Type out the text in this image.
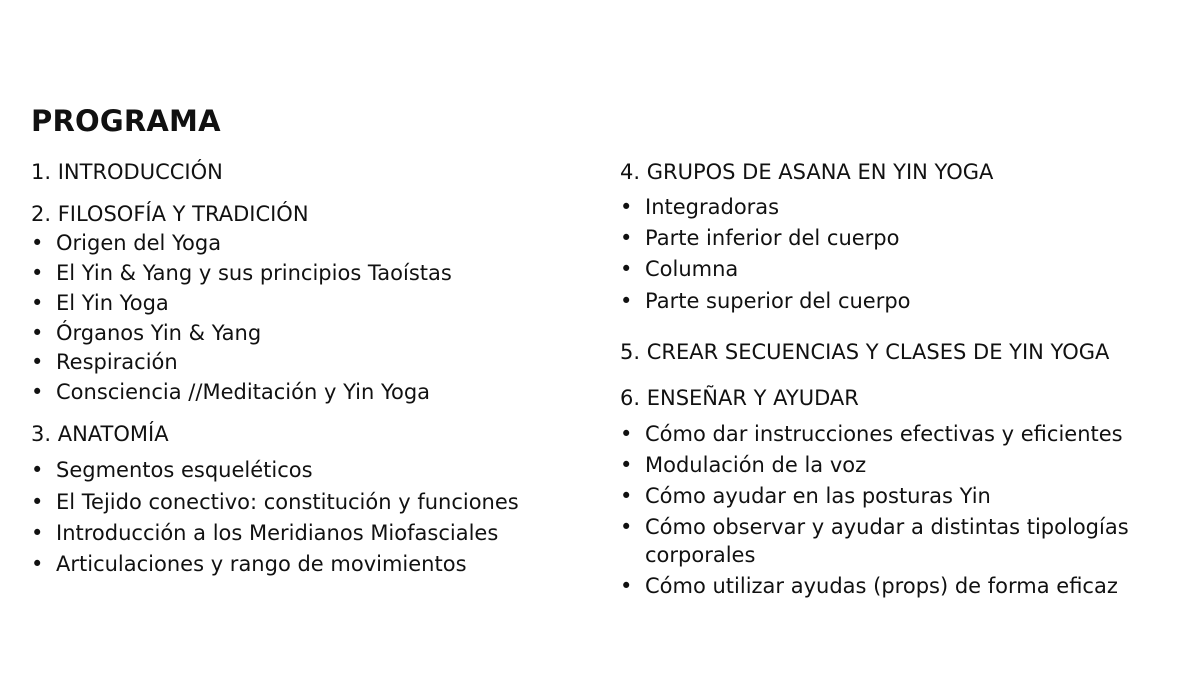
PROGRAMA
1. INTRODUCCIÓN
2. FILOSOFÍA Y TRADICIÓN
• Origen del Yoga
• El Yin & Yang y sus principios Taoístas
• El Yin Yoga
• Órganos Yin & Yang
• Respiración
• Consciencia //Meditación y Yin Yoga
3. ANATOMÍA
• Segmentos esqueléticos
• El Tejido conectivo: constitución y funciones
• Introducción a los Meridianos Miofasciales
• Articulaciones y rango de movimientos
4. GRUPOS DE ASANA EN YIN YOGA
• Integradoras
• Parte inferior del cuerpo
• Columna
• Parte superior del cuerpo
5. CREAR SECUENCIAS Y CLASES DE YIN YOGA
6. ENSEÑAR Y AYUDAR
• Cómo dar instrucciones efectivas y eficientes
• Modulación de la voz
• Cómo ayudar en las posturas Yin
• Cómo observar y ayudar a distintas tipologías corporales
• Cómo utilizar ayudas (props) de forma eficaz
